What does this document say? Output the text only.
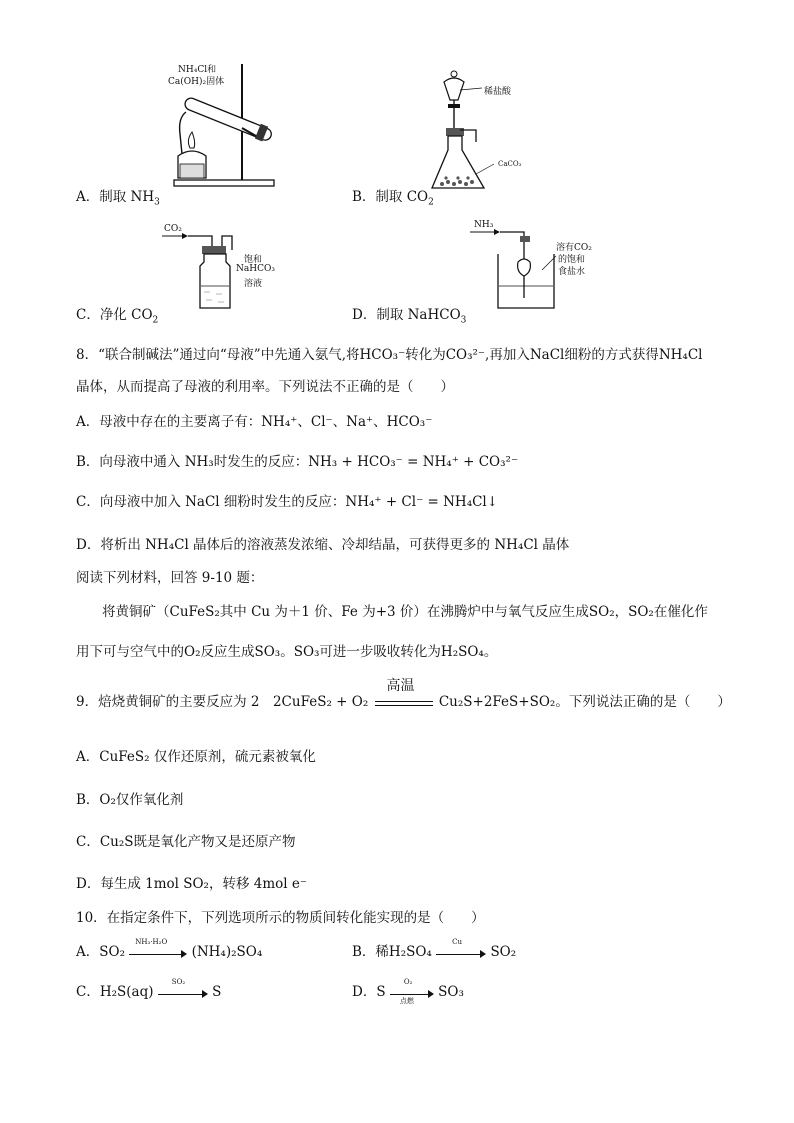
NH₄Cl和
Ca(OH)₂固体
A．制取 $NH_3$
稀盐酸
CaCO₃
B．制取 $CO_2$
CO₂
饱和
NaHCO₃
溶液
C．净化 $CO_2$
NH₃
溶有CO₂
的饱和
食盐水
D．制取 NaHCO$_3$
8．“联合制碱法”通过向“母液”中先通入氨气,将HCO₃⁻转化为CO₃²⁻,再加入NaCl细粉的方式获得NH₄Cl
晶体，从而提高了母液的利用率。下列说法不正确的是（　　）
A．母液中存在的主要离子有：NH₄⁺、Cl⁻、Na⁺、HCO₃⁻
B．向母液中通入 NH₃时发生的反应：NH₃ + HCO₃⁻ = NH₄⁺ + CO₃²⁻
C．向母液中加入 NaCl 细粉时发生的反应：NH₄⁺ + Cl⁻ = NH₄Cl↓
D．将析出 NH₄Cl 晶体后的溶液蒸发浓缩、冷却结晶，可获得更多的 NH₄Cl 晶体
阅读下列材料，回答 9-10 题：
将黄铜矿（CuFeS₂其中 Cu 为＋1 价、Fe 为+3 价）在沸腾炉中与氧气反应生成SO₂，SO₂在催化作
用下可与空气中的O₂反应生成SO₃。SO₃可进一步吸收转化为H₂SO₄。
9．焙烧黄铜矿的主要反应为 2　2CuFeS₂ + O₂
高温
Cu₂S+2FeS+SO₂。下列说法正确的是（　　）
A．CuFeS₂ 仅作还原剂，硫元素被氧化
B．O₂仅作氧化剂
C．Cu₂S既是氧化产物又是还原产物
D．每生成 1mol SO₂，转移 4mol e⁻
10．在指定条件下，下列选项所示的物质间转化能实现的是（　　）
A．SO₂
NH₃·H₂O
(NH₄)₂SO₄	B．稀H₂SO₄
Cu
SO₂
C．H₂S(aq)
SO₂
S	D．S
O₂
点燃
SO₃
